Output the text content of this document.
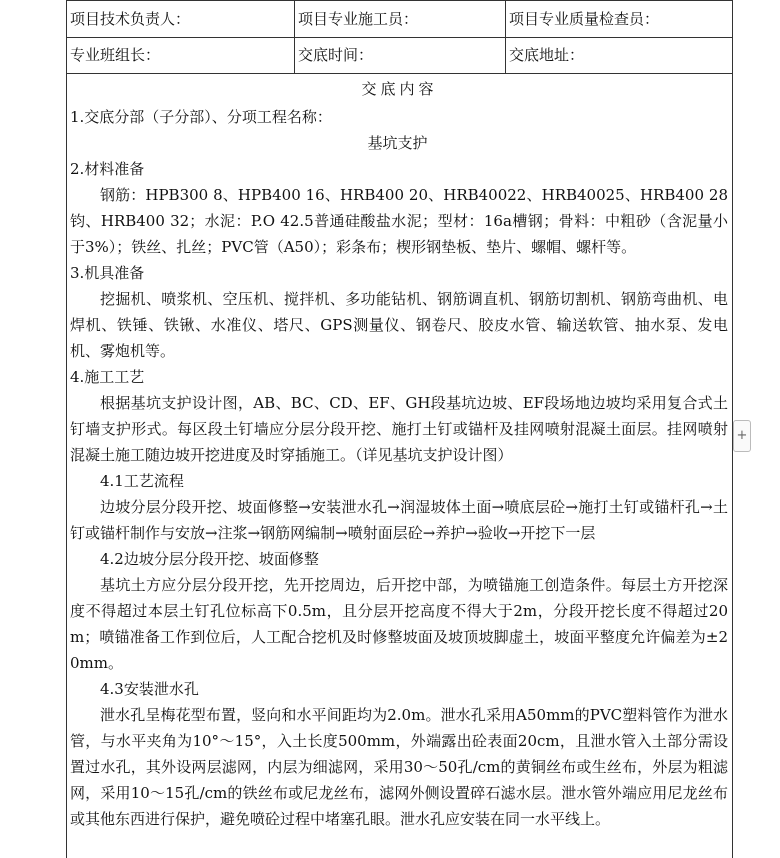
项目技术负责人：	项目专业施工员：	项目专业质量检查员：
专业班组长：	交底时间：	交底地址：
交底内容
1.交底分部（子分部）、分项工程名称：
基坑支护
2.材料准备
钢筋：HPB300 8、HPB400 16、HRB400 20、HRB40022、HRB40025、HRB400 28钧、HRB400 32；水泥：P.O 42.5普通硅酸盐水泥；型材：16a槽钢；骨料：中粗砂（含泥量小于3%）；铁丝、扎丝；PVC管（A50）；彩条布；楔形钢垫板、垫片、螺帽、螺杆等。
3.机具准备
挖掘机、喷浆机、空压机、搅拌机、多功能钻机、钢筋调直机、钢筋切割机、钢筋弯曲机、电焊机、铁锤、铁锹、水准仪、塔尺、GPS测量仪、钢卷尺、胶皮水管、输送软管、抽水泵、发电机、雾炮机等。
4.施工工艺
根据基坑支护设计图，AB、BC、CD、EF、GH段基坑边坡、EF段场地边坡均采用复合式土钉墙支护形式。每区段土钉墙应分层分段开挖、施打土钉或锚杆及挂网喷射混凝土面层。挂网喷射混凝土施工随边坡开挖进度及时穿插施工。（详见基坑支护设计图）
4.1工艺流程
边坡分层分段开挖、坡面修整→安装泄水孔→润湿坡体土面→喷底层砼→施打土钉或锚杆孔→土钉或锚杆制作与安放→注浆→钢筋网编制→喷射面层砼→养护→验收→开挖下一层
4.2边坡分层分段开挖、坡面修整
基坑土方应分层分段开挖，先开挖周边，后开挖中部，为喷锚施工创造条件。每层土方开挖深度不得超过本层土钉孔位标高下0.5m，且分层开挖高度不得大于2m，分段开挖长度不得超过20m；喷锚准备工作到位后，人工配合挖机及时修整坡面及坡顶坡脚虚土，坡面平整度允许偏差为±20mm。
4.3安装泄水孔
泄水孔呈梅花型布置，竖向和水平间距均为2.0m。泄水孔采用A50mm的PVC塑料管作为泄水管，与水平夹角为10°～15°，入土长度500mm，外端露出砼表面20cm，且泄水管入土部分需设置过水孔，其外设两层滤网，内层为细滤网，采用30～50孔/cm的黄铜丝布或生丝布，外层为粗滤网，采用10～15孔/cm的铁丝布或尼龙丝布，滤网外侧设置碎石滤水层。泄水管外端应用尼龙丝布或其他东西进行保护，避免喷砼过程中堵塞孔眼。泄水孔应安装在同一水平线上。
+
